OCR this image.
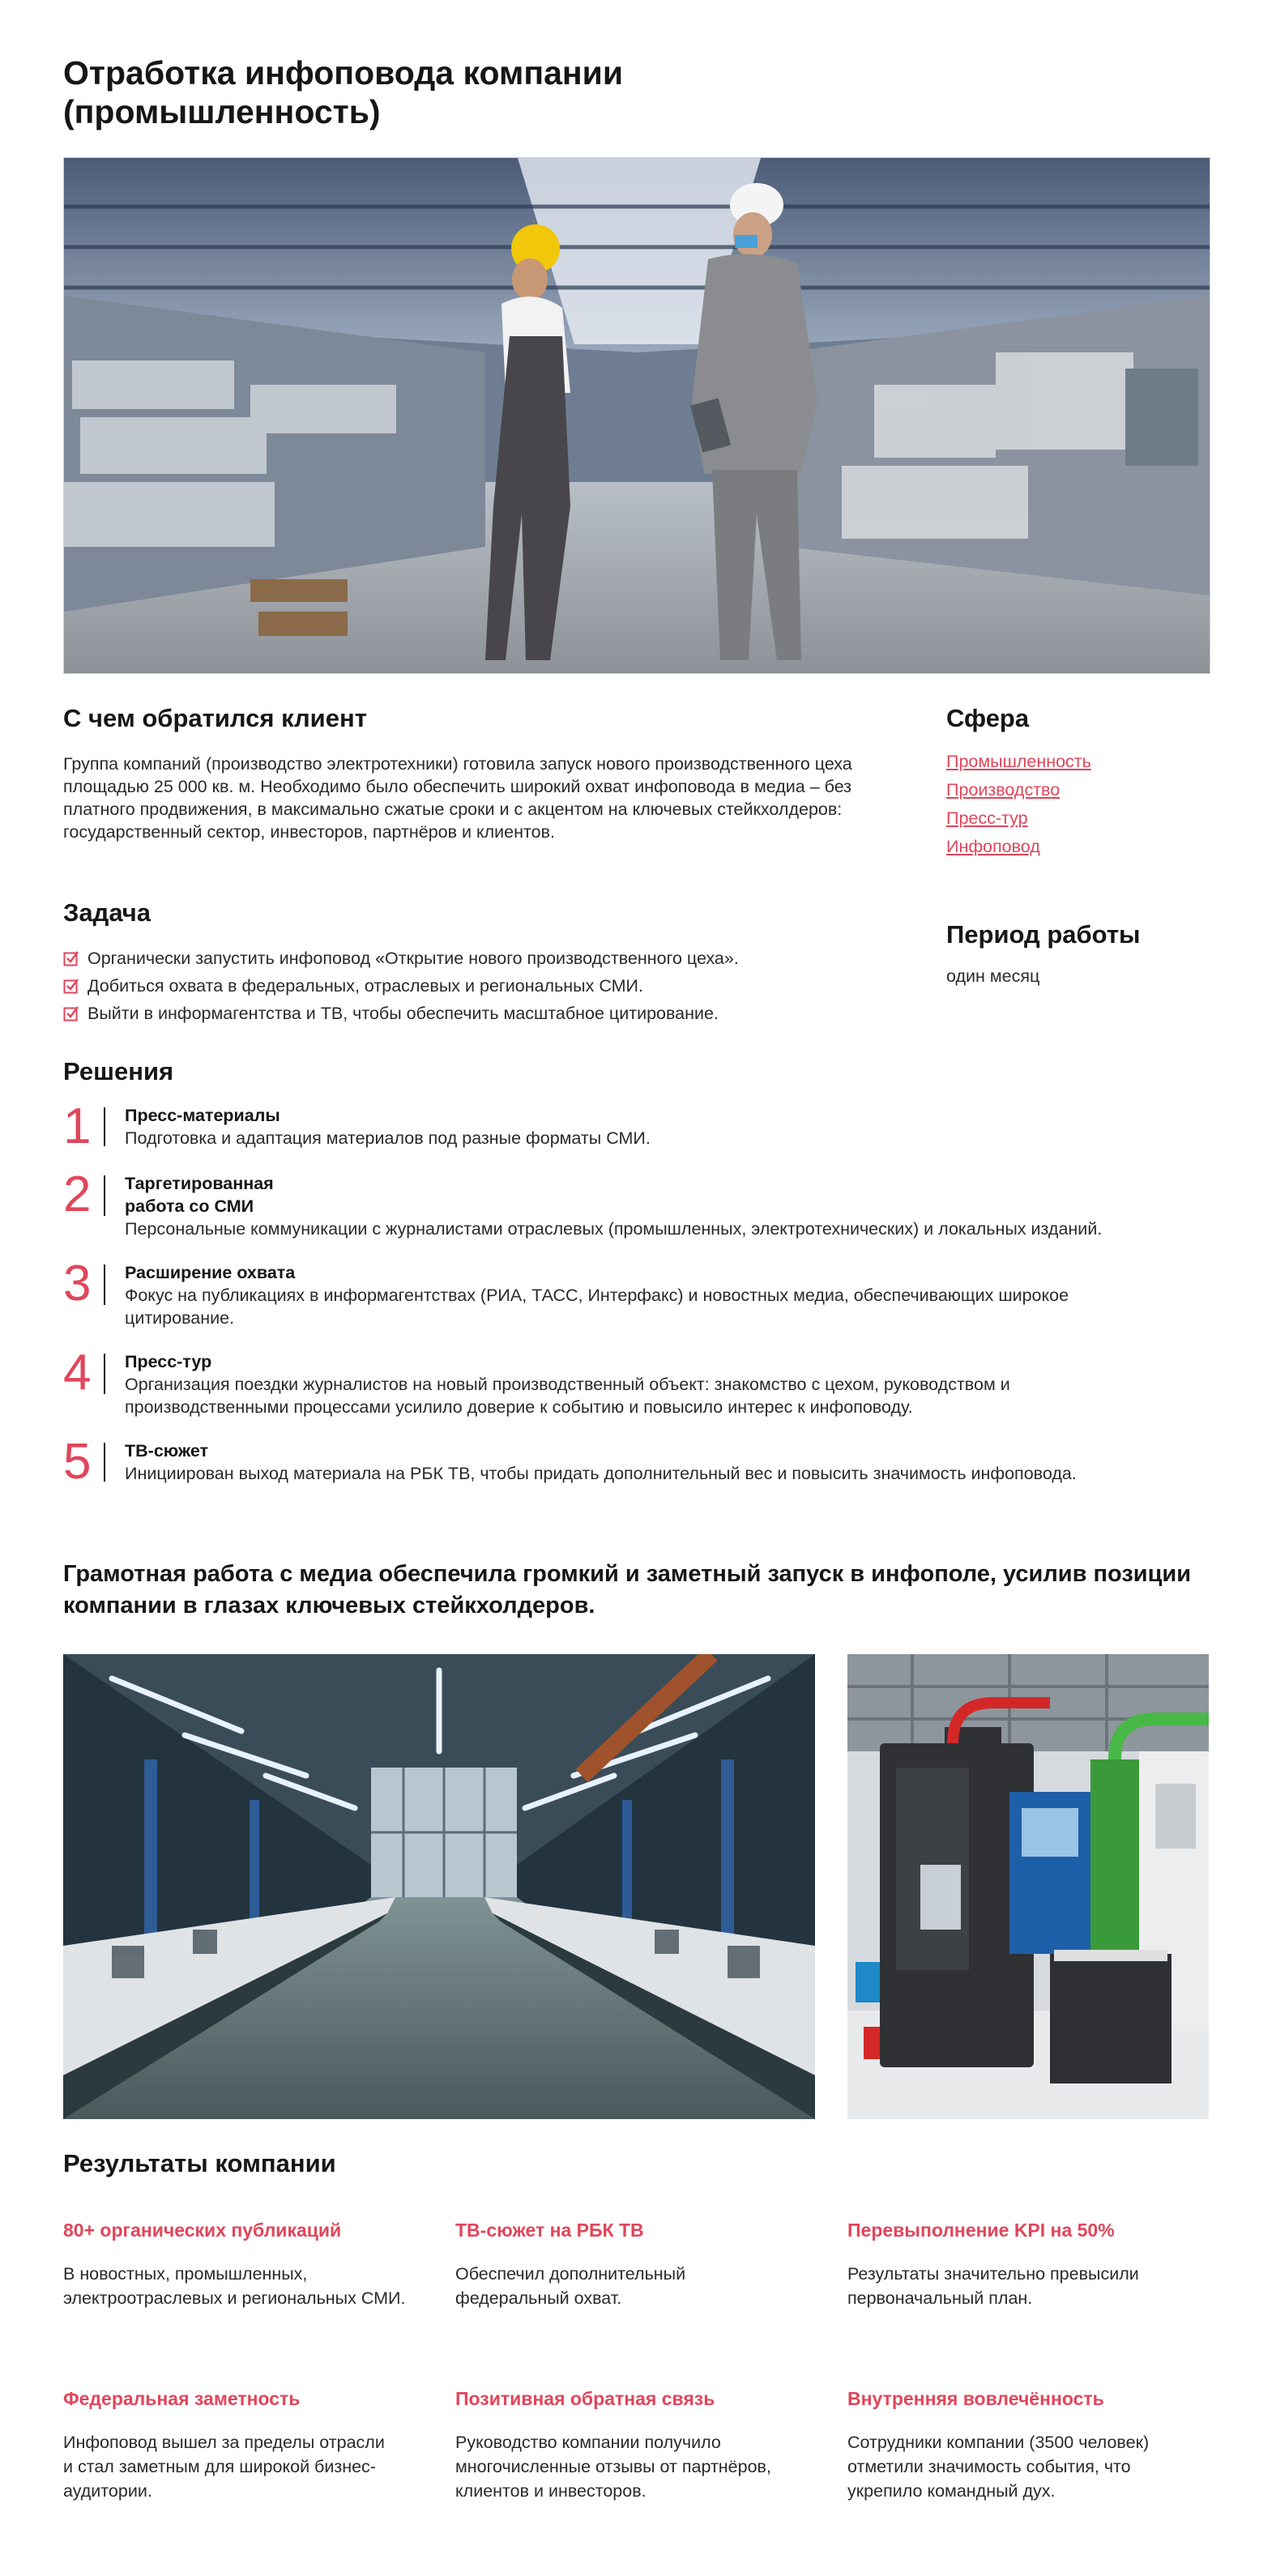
Отработка инфоповода компании (промышленность)
С чем обратился клиент

Группа компаний (производство электротехники) готовила запуск нового производственного цеха площадью 25 000 кв. м. Необходимо было обеспечить широкий охват инфоповода в медиа – без платного продвижения, в максимально сжатые сроки и с акцентом на ключевых стейкхолдеров: государственный сектор, инвесторов, партнёров и клиентов.

Сфера
Промышленность
Производство
Пресс-тур
Инфоповод
Период работы
один месяц
Задача
Органически запустить инфоповод «Открытие нового производственного цеха».
Добиться охвата в федеральных, отраслевых и региональных СМИ.
Выйти в информагентства и ТВ, чтобы обеспечить масштабное цитирование.
Решения
1	Пресс-материалы
Подготовка и адаптация материалов под разные форматы СМИ.
2	Таргетированная работа со СМИ
Персональные коммуникации с журналистами отраслевых (промышленных, электротехнических) и локальных изданий.
3	Расширение охвата
Фокус на публикациях в информагентствах (РИА, ТАСС, Интерфакс) и новостных медиа, обеспечивающих широкое цитирование.
4	Пресс-тур
Организация поездки журналистов на новый производственный объект: знакомство с цехом, руководством и производственными процессами усилило доверие к событию и повысило интерес к инфоповоду.
5	ТВ-сюжет
Инициирован выход материала на РБК ТВ, чтобы придать дополнительный вес и повысить значимость инфоповода.

Грамотная работа с медиа обеспечила громкий и заметный запуск в инфополе, усилив позиции компании в глазах ключевых стейкхолдеров.

Результаты компании

80+ органических публикаций

В новостных, промышленных, электроотраслевых и региональных СМИ.

ТВ-сюжет на РБК ТВ

Обеспечил дополнительный федеральный охват.

Перевыполнение KPI на 50%

Результаты значительно превысили первоначальный план.

Федеральная заметность

Инфоповод вышел за пределы отрасли и стал заметным для широкой бизнес-аудитории.

Позитивная обратная связь

Руководство компании получило многочисленные отзывы от партнёров, клиентов и инвесторов.

Внутренняя вовлечённость

Сотрудники компании (3500 человек) отметили значимость события, что укрепило командный дух.
